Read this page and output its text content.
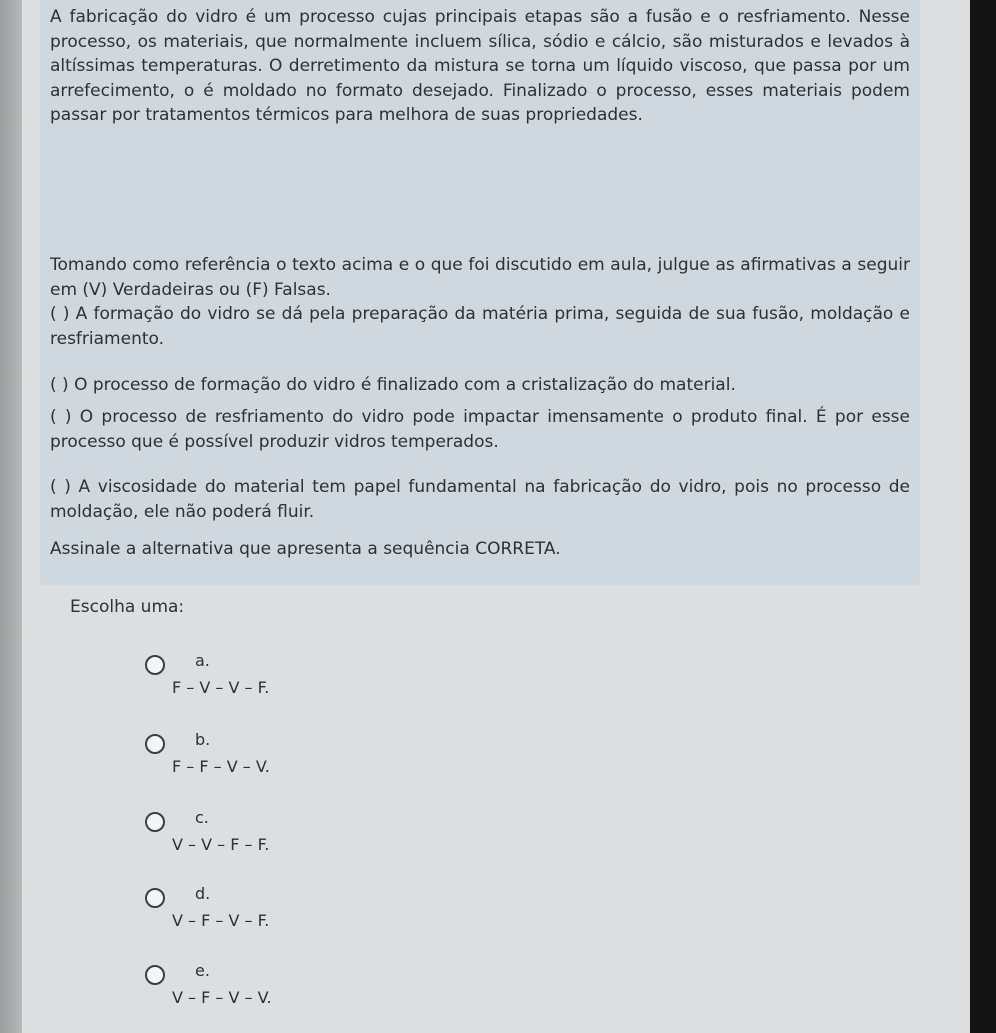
A fabricação do vidro é um processo cujas principais etapas são a fusão e o resfriamento. Nesse processo, os materiais, que normalmente incluem sílica, sódio e cálcio, são misturados e levados à altíssimas temperaturas. O derretimento da mistura se torna um líquido viscoso, que passa por um arrefecimento, o é moldado no formato desejado. Finalizado o processo, esses materiais podem passar por tratamentos térmicos para melhora de suas propriedades.

Tomando como referência o texto acima e o que foi discutido em aula, julgue as afirmativas a seguir em (V) Verdadeiras ou (F) Falsas.

( ) A formação do vidro se dá pela preparação da matéria prima, seguida de sua fusão, moldação e resfriamento.

( ) O processo de formação do vidro é finalizado com a cristalização do material.

( ) O processo de resfriamento do vidro pode impactar imensamente o produto final. É por esse processo que é possível produzir vidros temperados.

( ) A viscosidade do material tem papel fundamental na fabricação do vidro, pois no processo de moldação, ele não poderá fluir.

Assinale a alternativa que apresenta a sequência CORRETA.

Escolha uma:

a.
F – V – V – F.
b.
F – F – V – V.
c.
V – V – F – F.
d.
V – F – V – F.
e.
V – F – V – V.
